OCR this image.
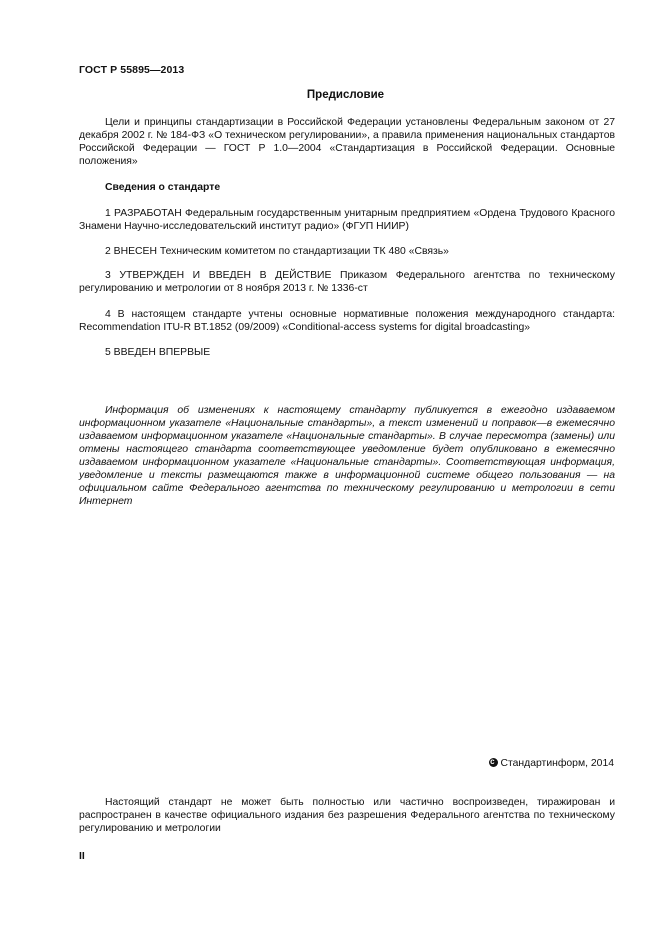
ГОСТ Р 55895—2013
Предисловие
Цели и принципы стандартизации в Российской Федерации установлены Федеральным законом от 27 декабря 2002 г. № 184-ФЗ «О техническом регулировании», а правила применения национальных стандартов Российской Федерации — ГОСТ Р 1.0—2004 «Стандартизация в Российской Федерации. Основные положения»
Сведения о стандарте
1 РАЗРАБОТАН Федеральным государственным унитарным предприятием «Ордена Трудового Красного Знамени Научно-исследовательский институт радио» (ФГУП НИИР)
2 ВНЕСЕН Техническим комитетом по стандартизации ТК 480 «Связь»
3 УТВЕРЖДЕН И ВВЕДЕН В ДЕЙСТВИЕ Приказом Федерального агентства по техническому регулированию и метрологии от 8 ноября 2013 г. № 1336-ст
4 В настоящем стандарте учтены основные нормативные положения международного стандарта: Recommendation ITU-R BT.1852 (09/2009) «Conditional-access systems for digital broadcasting»
5 ВВЕДЕН ВПЕРВЫЕ
Информация об изменениях к настоящему стандарту публикуется в ежегодно издаваемом информационном указателе «Национальные стандарты», а текст изменений и поправок—в ежемесячно издаваемом информационном указателе «Национальные стандарты». В случае пересмотра (замены) или отмены настоящего стандарта соответствующее уведомление будет опубликовано в ежемесячно издаваемом информационном указателе «Национальные стандарты». Соответствующая информация, уведомление и тексты размещаются также в информационной системе общего пользования — на официальном сайте Федерального агентства по техническому регулированию и метрологии в сети Интернет
cСтандартинформ, 2014
Настоящий стандарт не может быть полностью или частично воспроизведен, тиражирован и распространен в качестве официального издания без разрешения Федерального агентства по техническому регулированию и метрологии
II
